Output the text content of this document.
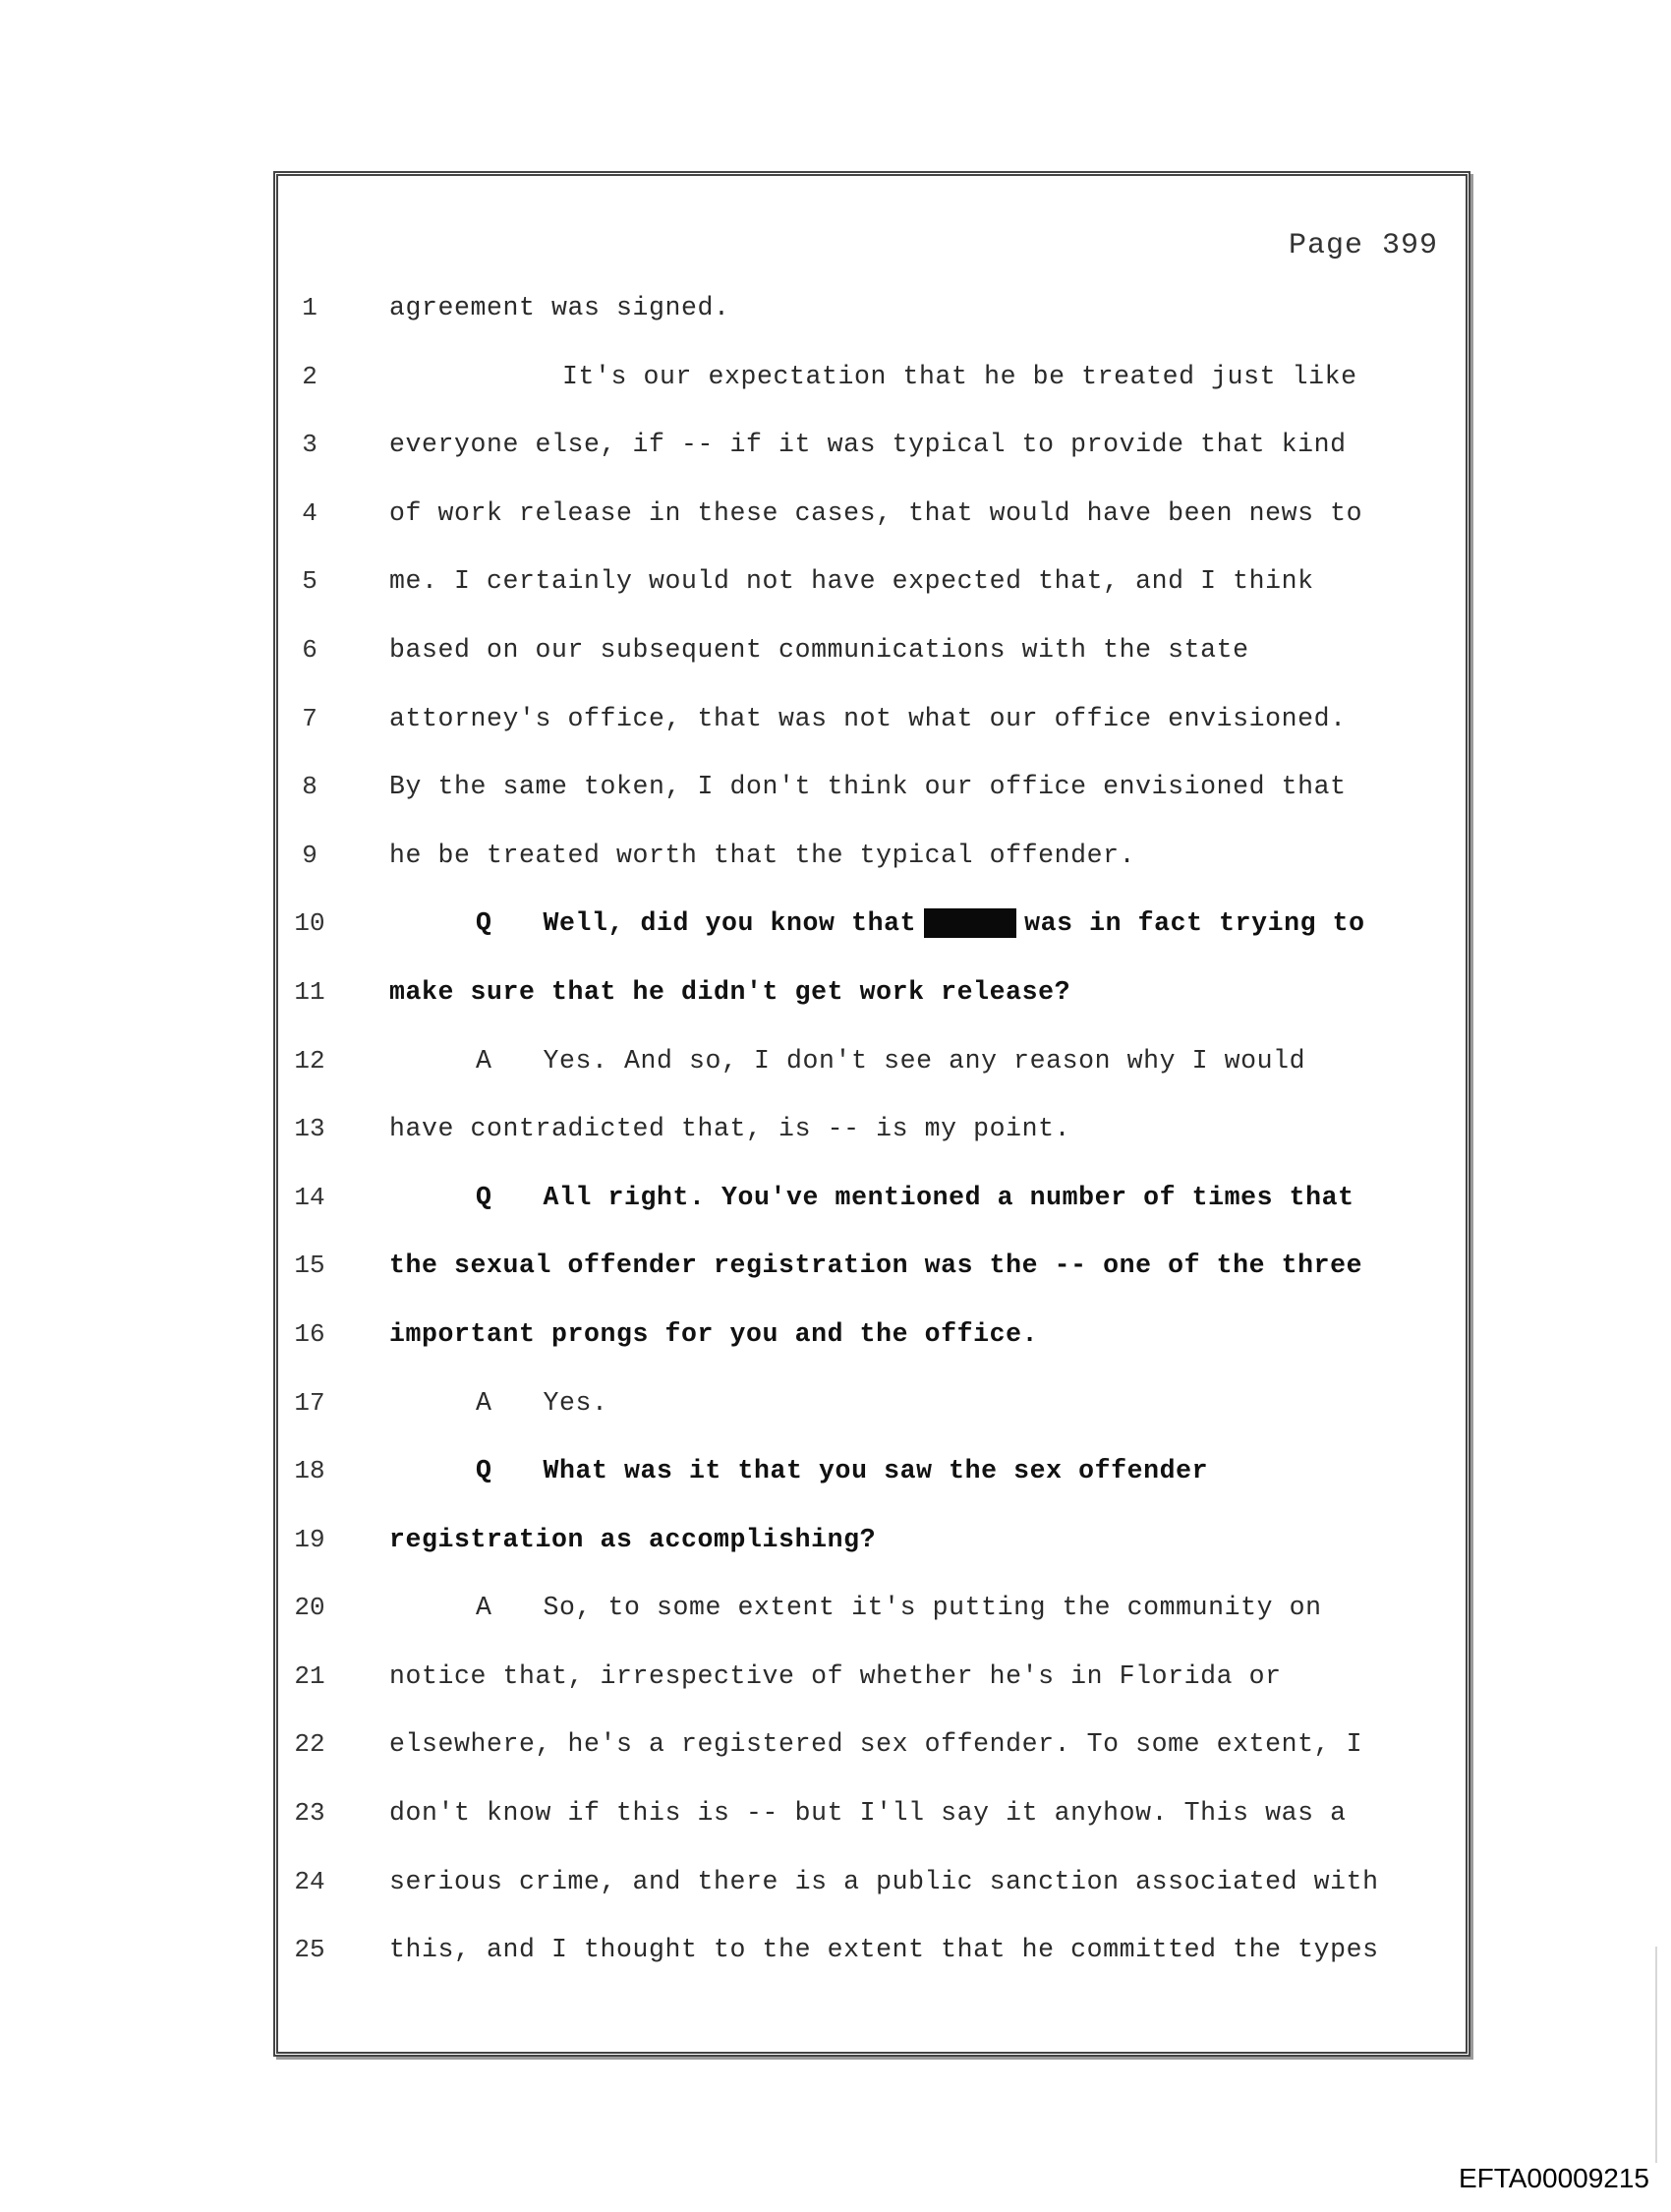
Page 399
1	agreement was signed.
2	It's our expectation that he be treated just like
3	everyone else, if -- if it was typical to provide that kind
4	of work release in these cases, that would have been news to
5	me. I certainly would not have expected that, and I think
6	based on our subsequent communications with the state
7	attorney's office, that was not what our office envisioned.
8	By the same token, I don't think our office envisioned that
9	he be treated worth that the typical offender.
10	Q Well, did you know that	was in fact trying to
11	make sure that he didn't get work release?
12	A Yes. And so, I don't see any reason why I would
13	have contradicted that, is -- is my point.
14	Q All right. You've mentioned a number of times that
15	the sexual offender registration was the -- one of the three
16	important prongs for you and the office.
17	A Yes.
18	Q What was it that you saw the sex offender
19	registration as accomplishing?
20	A So, to some extent it's putting the community on
21	notice that, irrespective of whether he's in Florida or
22	elsewhere, he's a registered sex offender. To some extent, I
23	don't know if this is -- but I'll say it anyhow. This was a
24	serious crime, and there is a public sanction associated with
25	this, and I thought to the extent that he committed the types
EFTA00009215
